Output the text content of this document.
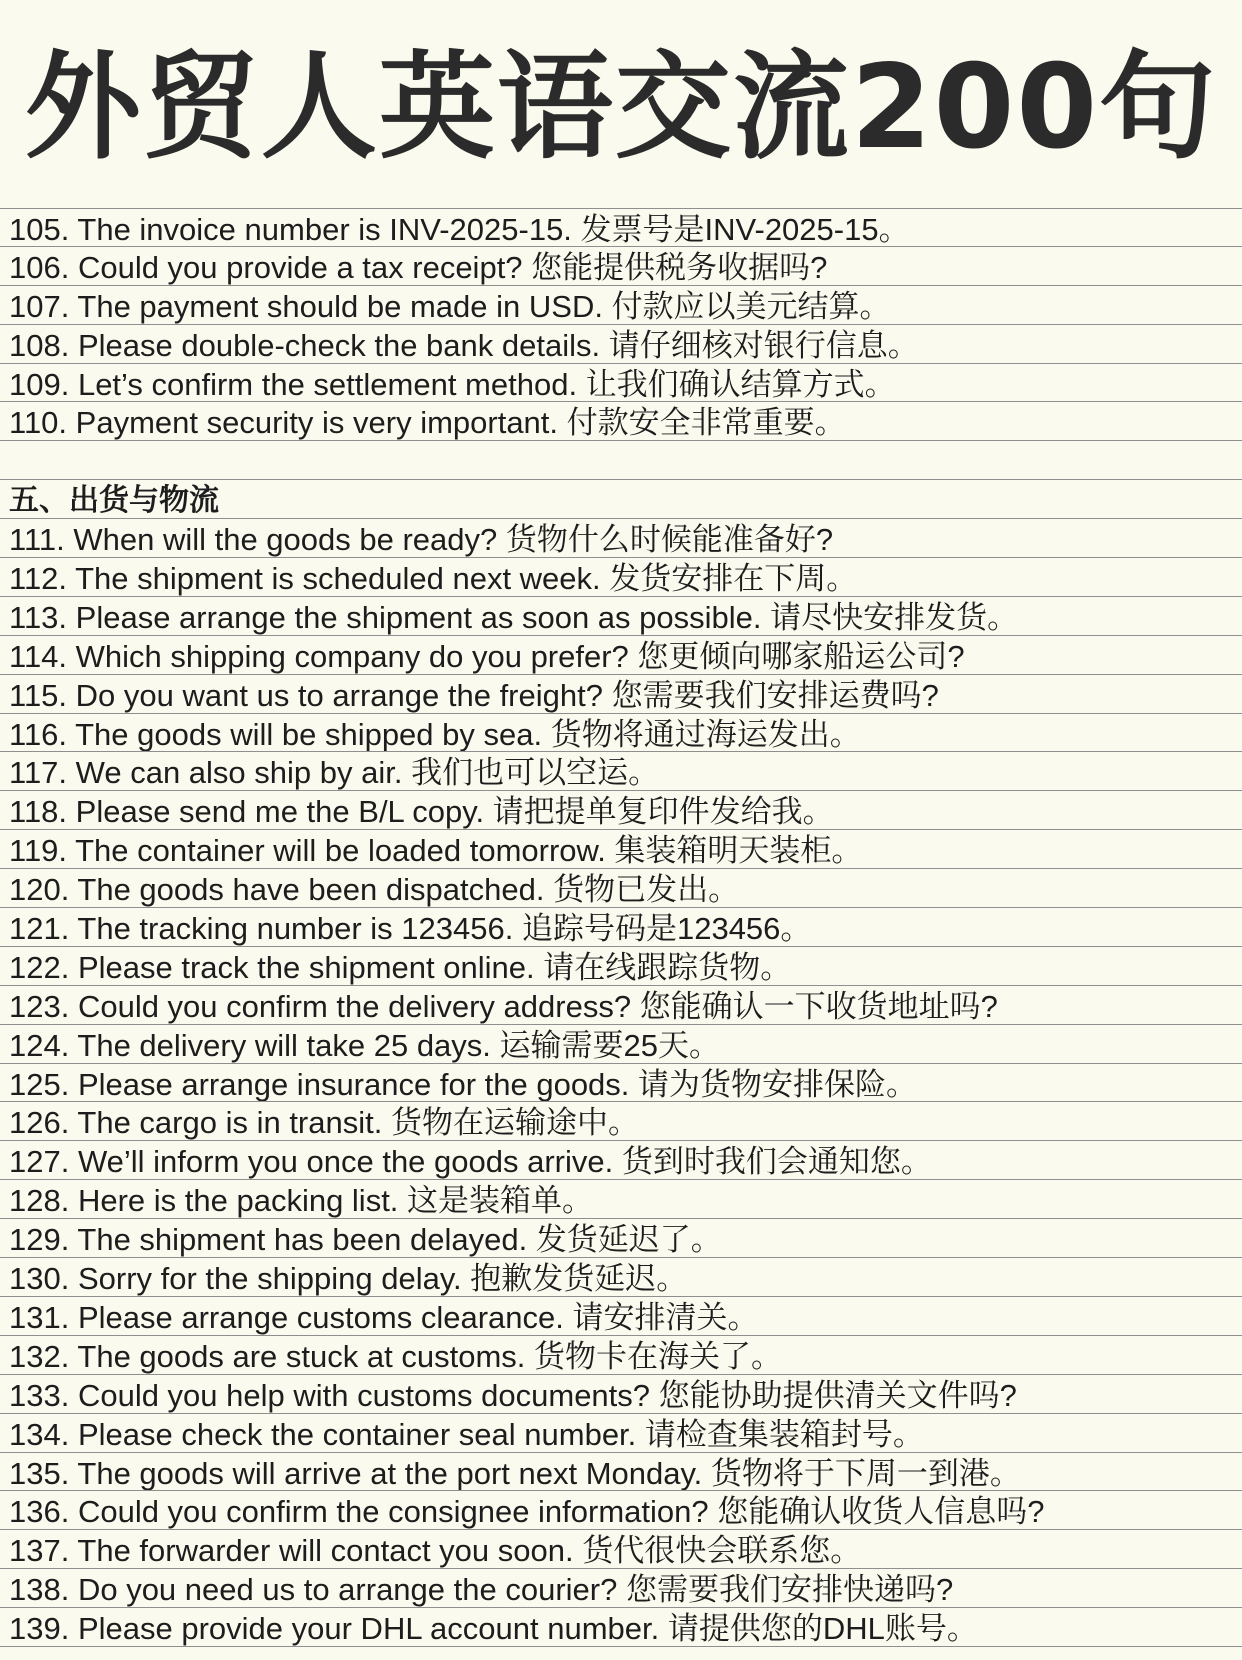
外贸人英语交流200句
105. The invoice number is INV-2025-15. 发票号是INV-2025-15。
106. Could you provide a tax receipt? 您能提供税务收据吗?
107. The payment should be made in USD. 付款应以美元结算。
108. Please double-check the bank details. 请仔细核对银行信息。
109. Let’s confirm the settlement method. 让我们确认结算方式。
110. Payment security is very important. 付款安全非常重要。
五、出货与物流
111. When will the goods be ready? 货物什么时候能准备好?
112. The shipment is scheduled next week. 发货安排在下周。
113. Please arrange the shipment as soon as possible. 请尽快安排发货。
114. Which shipping company do you prefer? 您更倾向哪家船运公司?
115. Do you want us to arrange the freight? 您需要我们安排运费吗?
116. The goods will be shipped by sea. 货物将通过海运发出。
117. We can also ship by air. 我们也可以空运。
118. Please send me the B/L copy. 请把提单复印件发给我。
119. The container will be loaded tomorrow. 集装箱明天装柜。
120. The goods have been dispatched. 货物已发出。
121. The tracking number is 123456. 追踪号码是123456。
122. Please track the shipment online. 请在线跟踪货物。
123. Could you confirm the delivery address? 您能确认一下收货地址吗?
124. The delivery will take 25 days. 运输需要25天。
125. Please arrange insurance for the goods. 请为货物安排保险。
126. The cargo is in transit. 货物在运输途中。
127. We’ll inform you once the goods arrive. 货到时我们会通知您。
128. Here is the packing list. 这是装箱单。
129. The shipment has been delayed. 发货延迟了。
130. Sorry for the shipping delay. 抱歉发货延迟。
131. Please arrange customs clearance. 请安排清关。
132. The goods are stuck at customs. 货物卡在海关了。
133. Could you help with customs documents? 您能协助提供清关文件吗?
134. Please check the container seal number. 请检查集装箱封号。
135. The goods will arrive at the port next Monday. 货物将于下周一到港。
136. Could you confirm the consignee information? 您能确认收货人信息吗?
137. The forwarder will contact you soon. 货代很快会联系您。
138. Do you need us to arrange the courier? 您需要我们安排快递吗?
139. Please provide your DHL account number. 请提供您的DHL账号。
